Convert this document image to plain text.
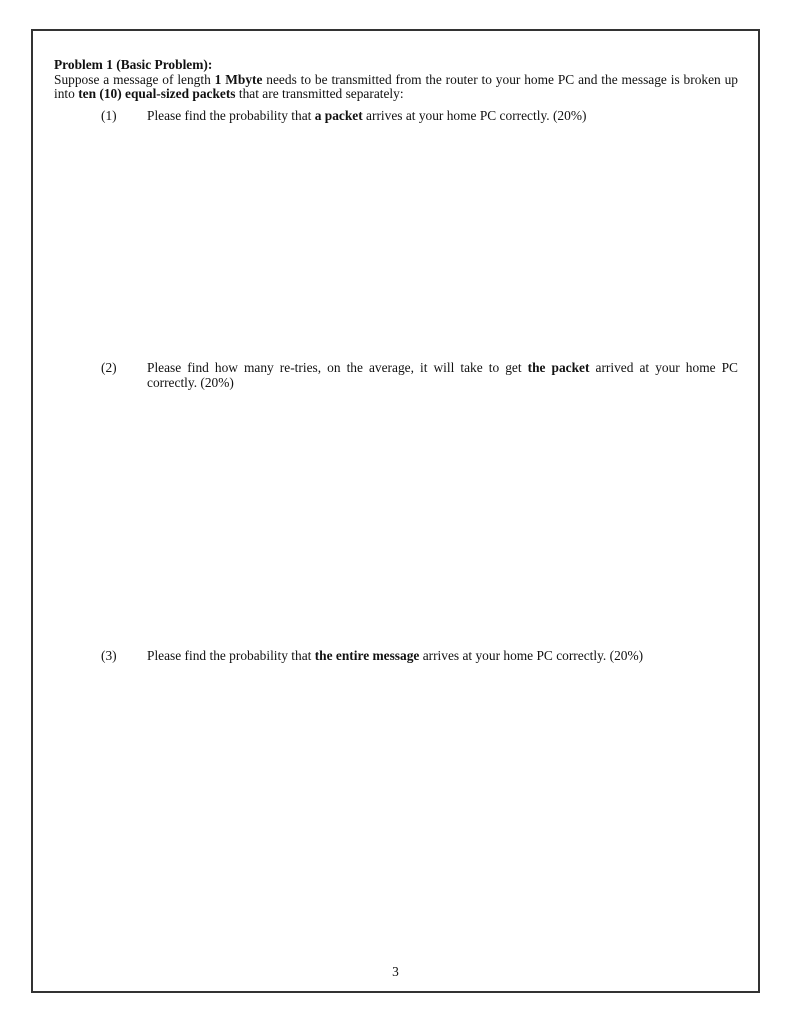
Problem 1 (Basic Problem):

Suppose a message of length 1 Mbyte needs to be transmitted from the router to your home PC and the message is broken up into ten (10) equal-sized packets that are transmitted separately:

(1) Please find the probability that a packet arrives at your home PC correctly. (20%)
(2) Please find how many re-tries, on the average, it will take to get the packet arrived at your home PC correctly. (20%)
(3) Please find the probability that the entire message arrives at your home PC correctly. (20%)
3
